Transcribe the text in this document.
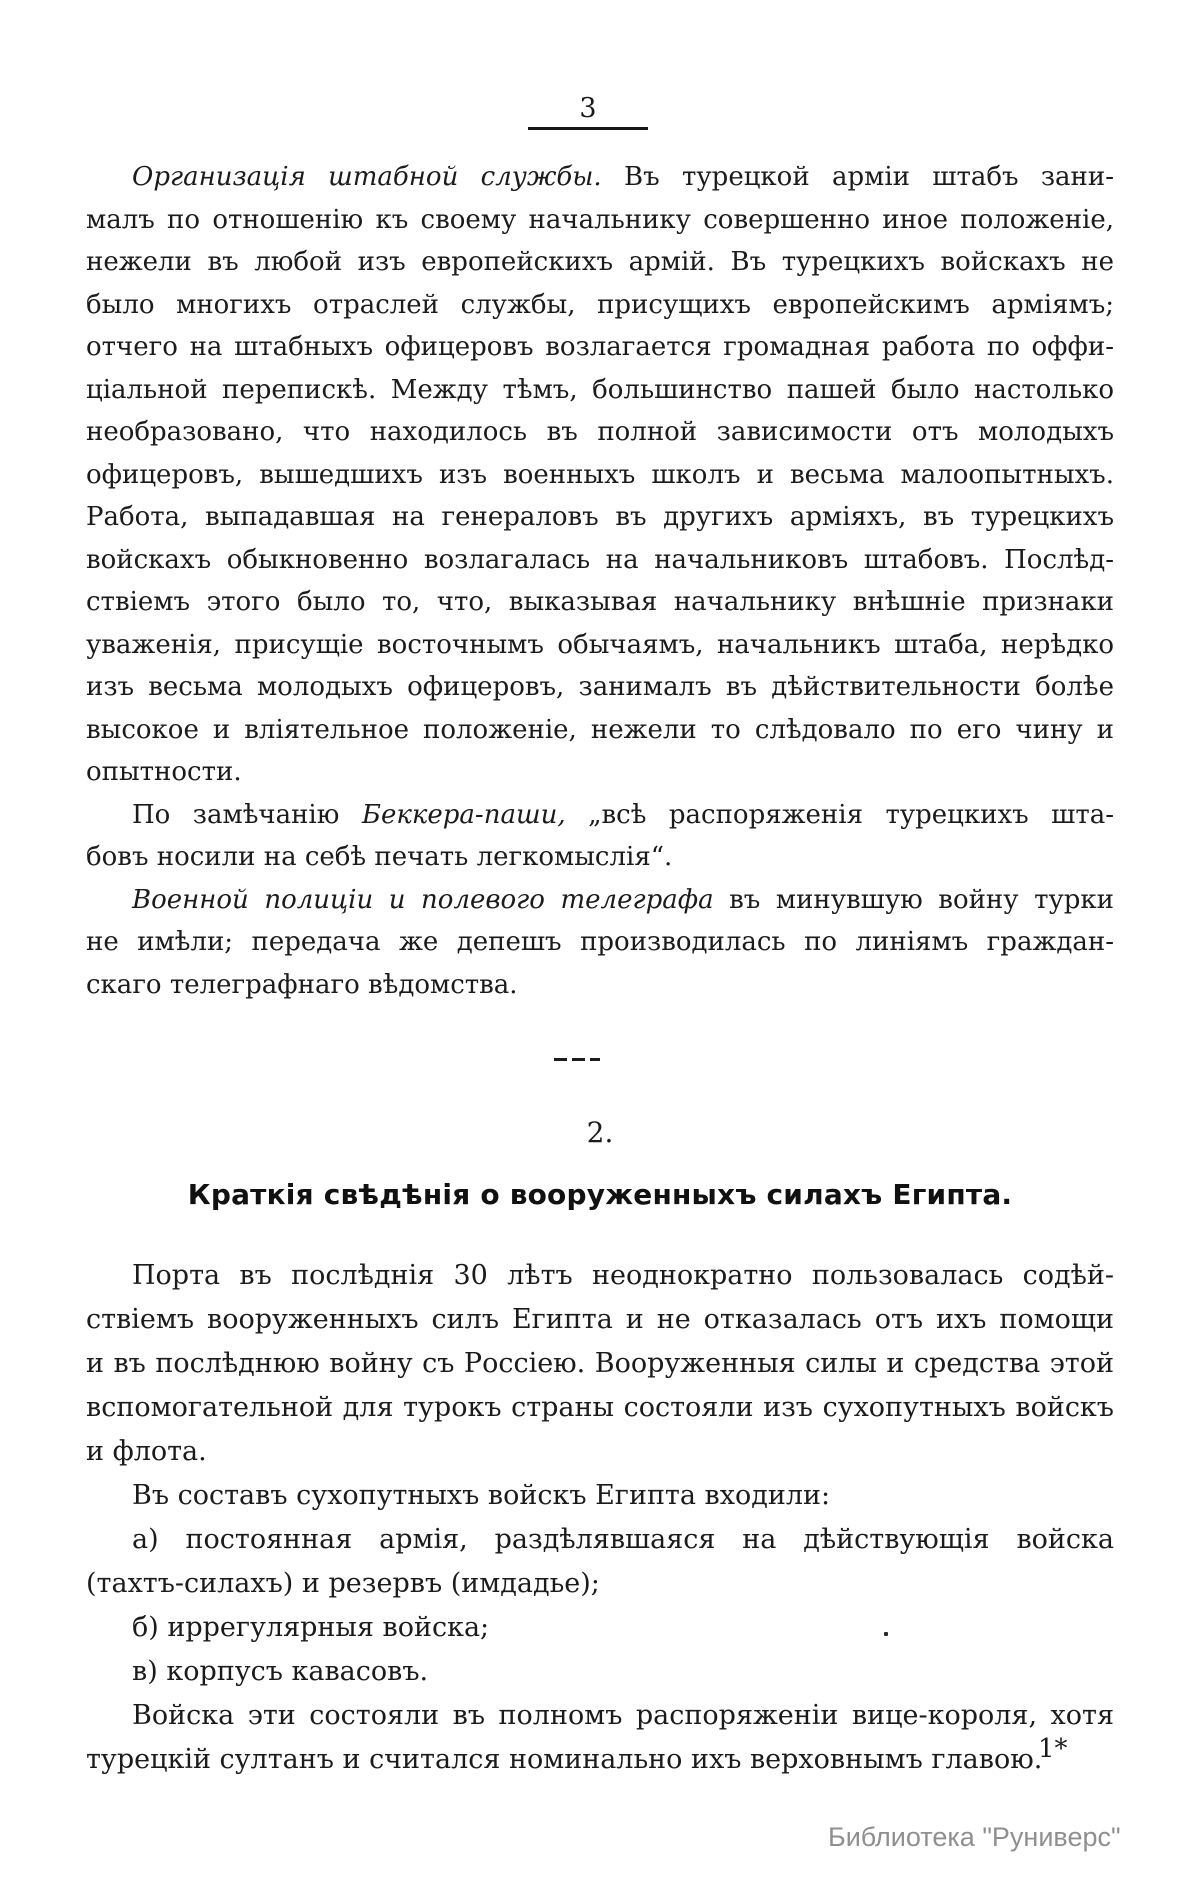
3
Организація штабной службы. Въ турецкой арміи штабъ зани-
малъ по отношенію къ своему начальнику совершенно иное положеніе,
нежели въ любой изъ европейскихъ армій. Въ турецкихъ войскахъ не
было многихъ отраслей службы, присущихъ европейскимъ арміямъ;
отчего на штабныхъ офицеровъ возлагается громадная работа по оффи-
ціальной перепискѣ. Между тѣмъ, большинство пашей было настолько
необразовано, что находилось въ полной зависимости отъ молодыхъ
офицеровъ, вышедшихъ изъ военныхъ школъ и весьма малоопытныхъ.
Работа, выпадавшая на генераловъ въ другихъ арміяхъ, въ турецкихъ
войскахъ обыкновенно возлагалась на начальниковъ штабовъ. Послѣд-
ствіемъ этого было то, что, выказывая начальнику внѣшніе признаки
уваженія, присущіе восточнымъ обычаямъ, начальникъ штаба, нерѣдко
изъ весьма молодыхъ офицеровъ, занималъ въ дѣйствительности болѣе
высокое и вліятельное положеніе, нежели то слѣдовало по его чину и
опытности.
По замѣчанію Беккера-паши, „всѣ распоряженія турецкихъ шта-
бовъ носили на себѣ печать легкомыслія“.
Военной полиціи и полевого телеграфа въ минувшую войну турки
не имѣли; передача же депешъ производилась по линіямъ граждан-
скаго телеграфнаго вѣдомства.
2.
Краткія свѣдѣнія о вооруженныхъ силахъ Египта.
Порта въ послѣднія 30 лѣтъ неоднократно пользовалась содѣй-
ствіемъ вооруженныхъ силъ Египта и не отказалась отъ ихъ помощи
и въ послѣднюю войну съ Россіею. Вооруженныя силы и средства этой
вспомогательной для турокъ страны состояли изъ сухопутныхъ войскъ
и флота.
Въ составъ сухопутныхъ войскъ Египта входили:
а) постоянная армія, раздѣлявшаяся на дѣйствующія войска
(тахтъ-силахъ) и резервъ (имдадье);
б) иррегулярныя войска;
в) корпусъ кавасовъ.
Войска эти состояли въ полномъ распоряженіи вице-короля, хотя
турецкій султанъ и считался номинально ихъ верховнымъ главою.
1*
Библиотека "Руниверс"
